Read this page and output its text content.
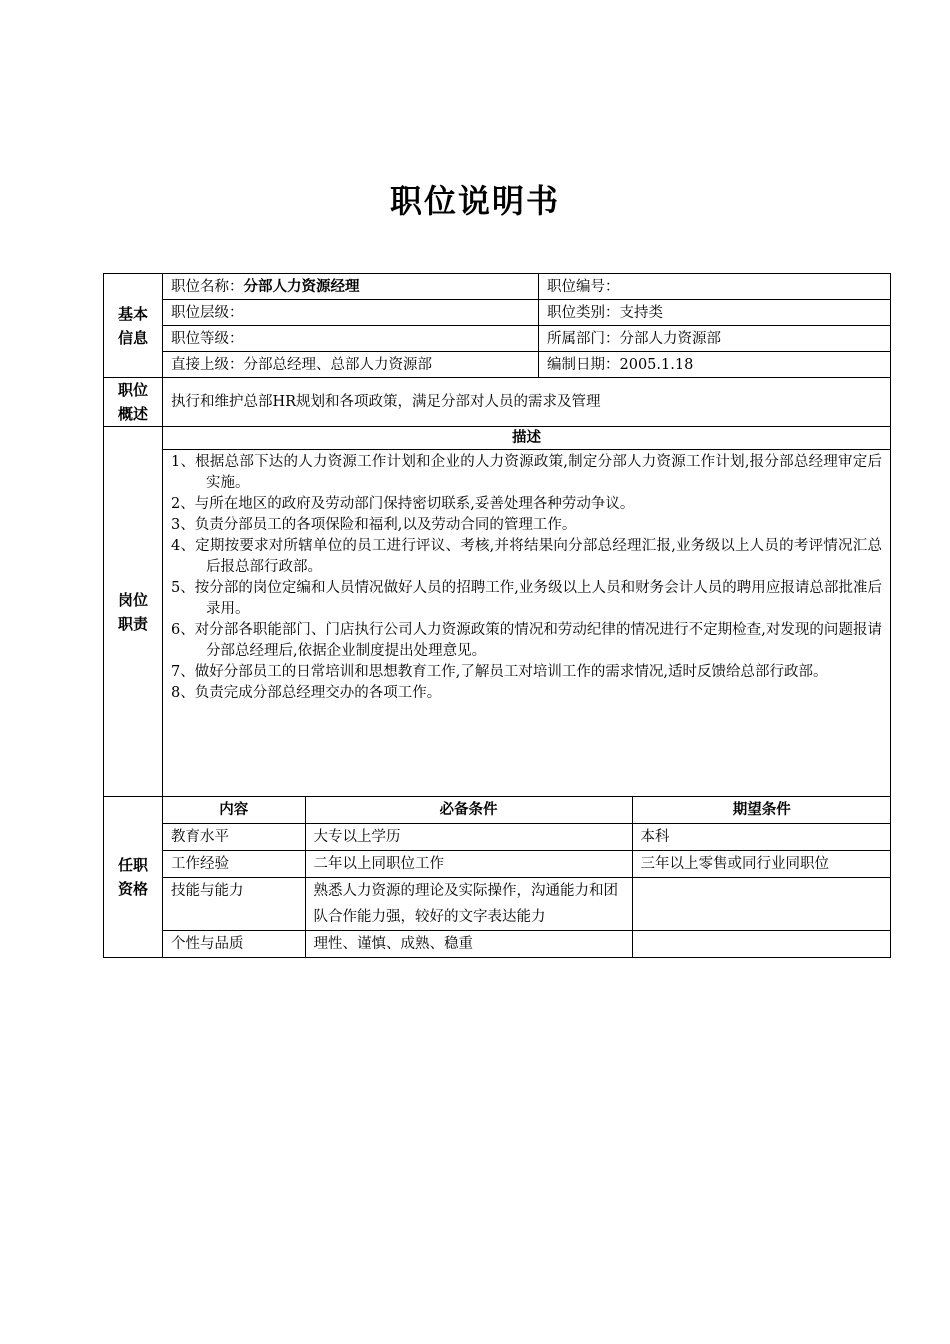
职位说明书
基本信息
	职位名称：分部人力资源经理	职位编号：
职位层级：	职位类别：支持类
职位等级：	所属部门：分部人力资源部
直接上级：分部总经理、总部人力资源部	编制日期：2005.1.18

职位概述
	执行和维护总部HR规划和各项政策，满足分部对人员的需求及管理

岗位职责
	描述

1、根据总部下达的人力资源工作计划和企业的人力资源政策,制定分部人力资源工作计划,报分部总经理审定后实施。

2、与所在地区的政府及劳动部门保持密切联系,妥善处理各种劳动争议。

3、负责分部员工的各项保险和福利,以及劳动合同的管理工作。

4、定期按要求对所辖单位的员工进行评议、考核,并将结果向分部总经理汇报,业务级以上人员的考评情况汇总后报总部行政部。

5、按分部的岗位定编和人员情况做好人员的招聘工作,业务级以上人员和财务会计人员的聘用应报请总部批准后录用。

6、对分部各职能部门、门店执行公司人力资源政策的情况和劳动纪律的情况进行不定期检查,对发现的问题报请分部总经理后,依据企业制度提出处理意见。

7、做好分部员工的日常培训和思想教育工作,了解员工对培训工作的需求情况,适时反馈给总部行政部。

8、负责完成分部总经理交办的各项工作。

任职资格

内容	必备条件	期望条件
教育水平	大专以上学历	本科
工作经验	二年以上同职位工作	三年以上零售或同行业同职位
技能与能力	熟悉人力资源的理论及实际操作，沟通能力和团队合作能力强，较好的文字表达能力	
个性与品质	理性、谨慎、成熟、稳重	
